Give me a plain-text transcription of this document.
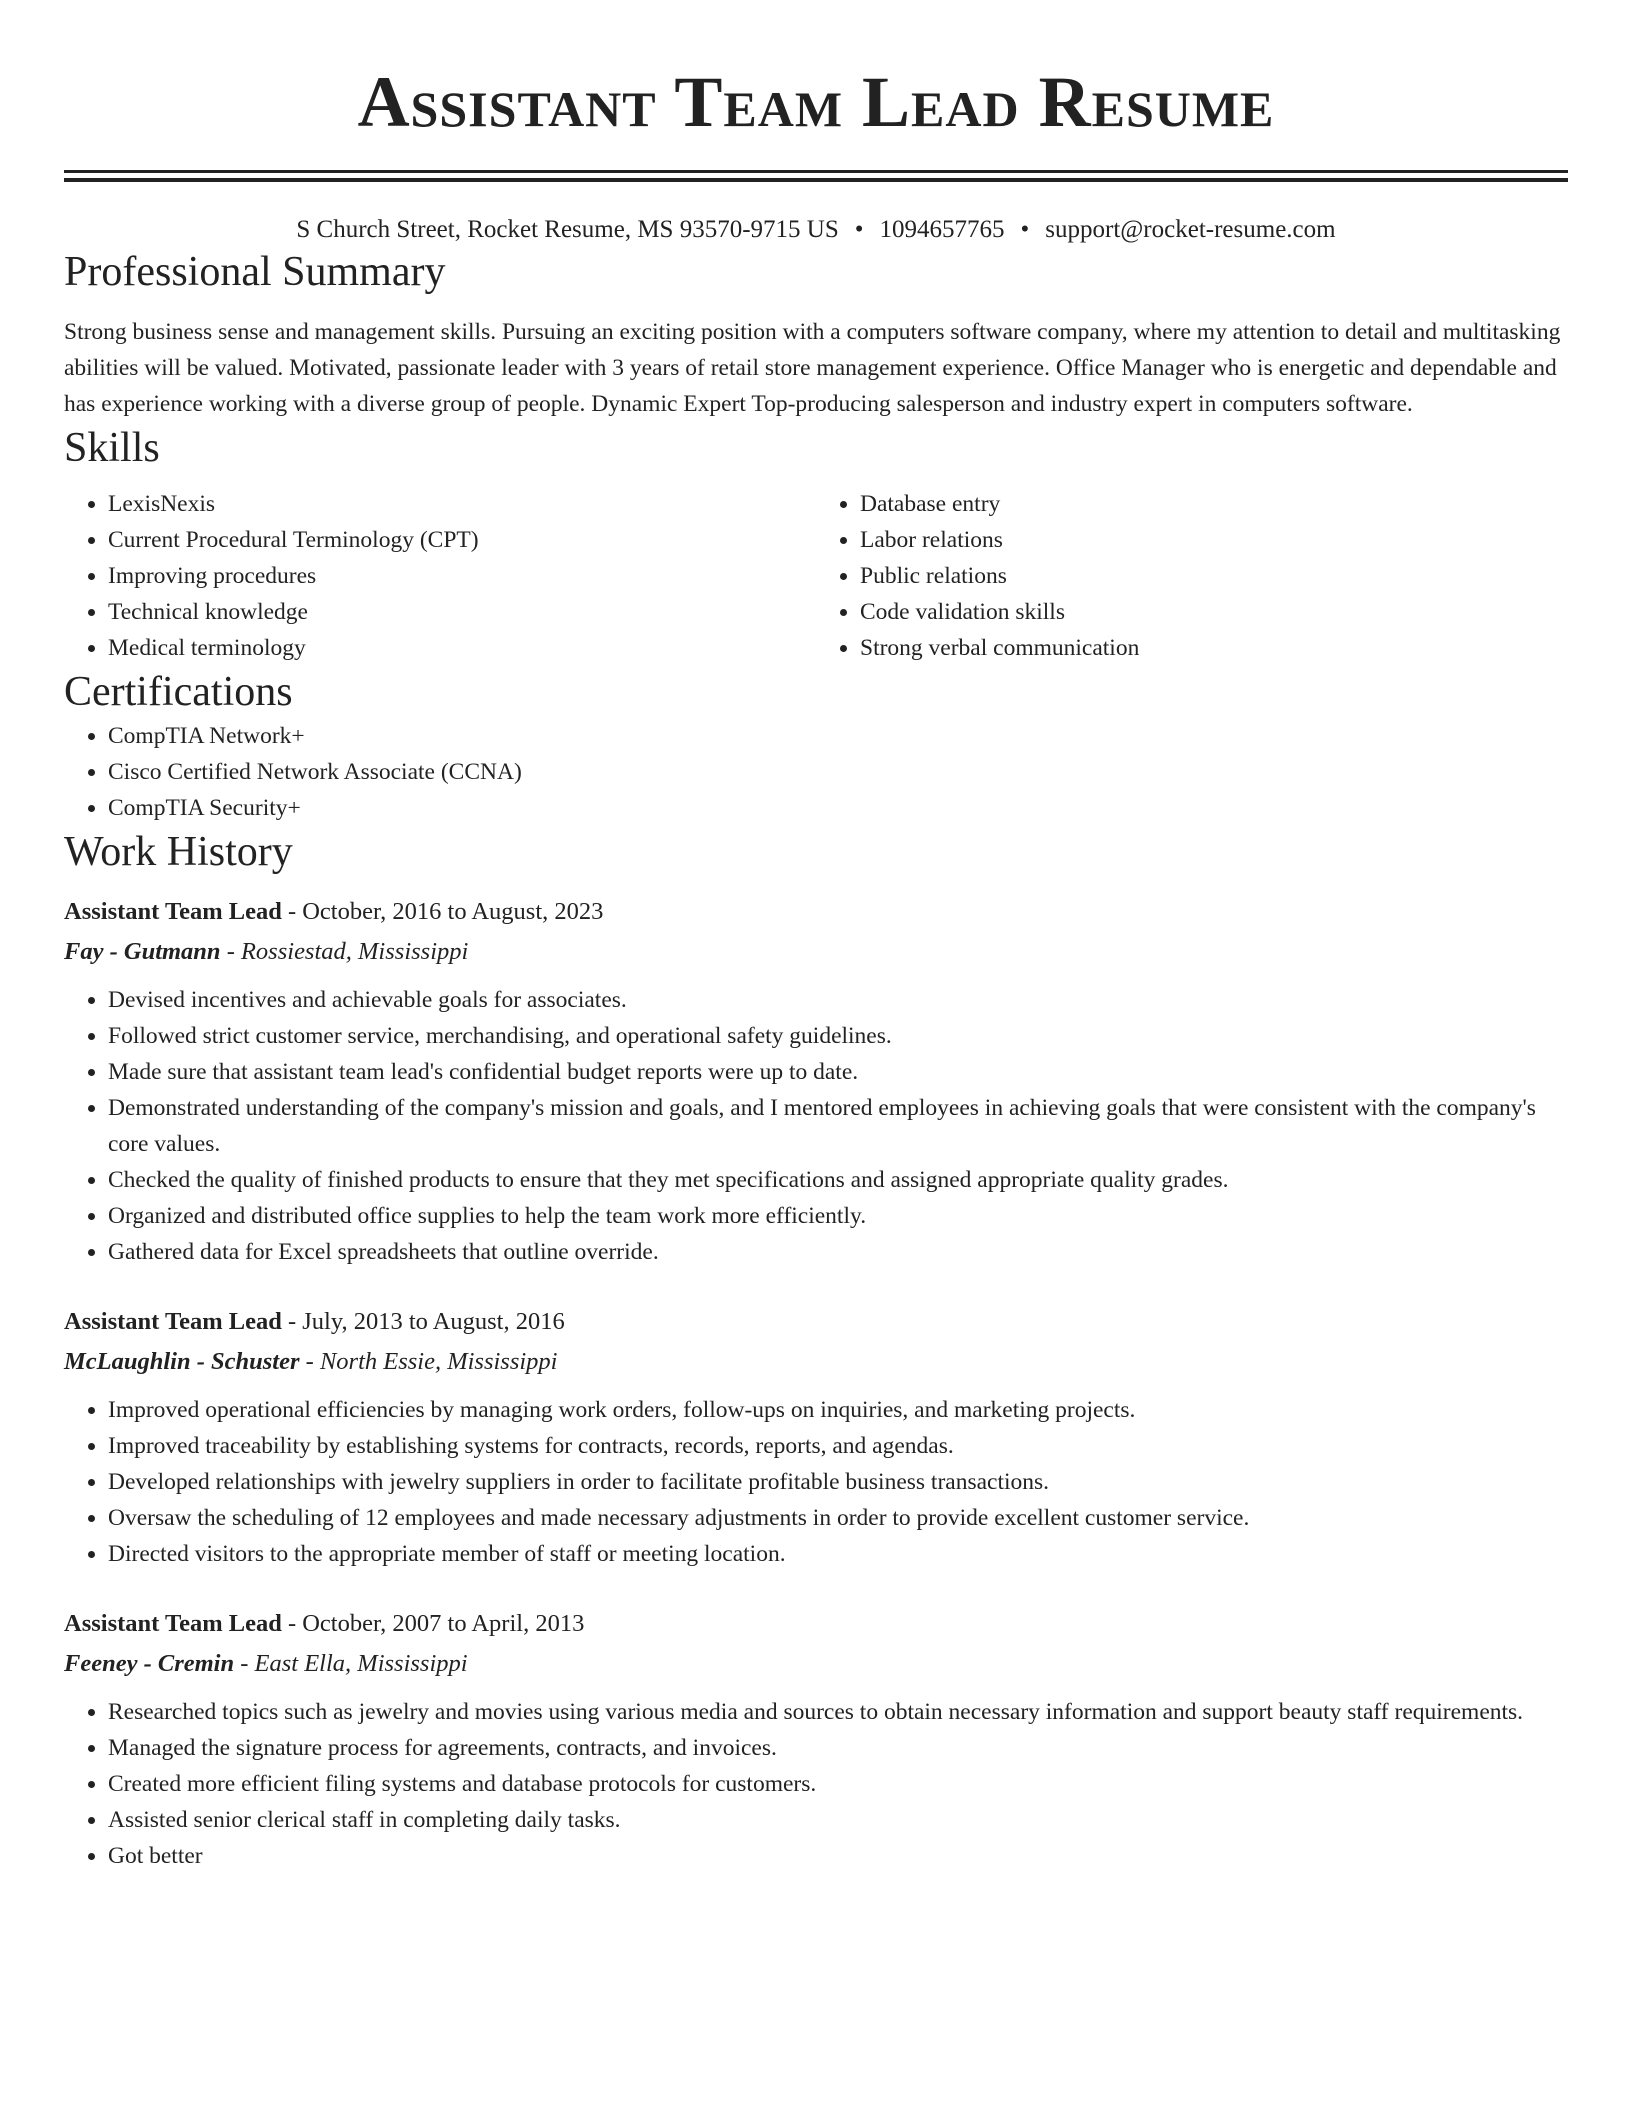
Assistant Team Lead Resume
S Church Street, Rocket Resume, MS 93570-9715 US • 1094657765 • support@rocket-resume.com
Professional Summary

Strong business sense and management skills. Pursuing an exciting position with a computers software company, where my attention to detail and multitasking abilities will be valued. Motivated, passionate leader with 3 years of retail store management experience. Office Manager who is energetic and dependable and has experience working with a diverse group of people. Dynamic Expert Top-producing salesperson and industry expert in computers software.

Skills
• LexisNexis
• Current Procedural Terminology (CPT)
• Improving procedures
• Technical knowledge
• Medical terminology
• Database entry
• Labor relations
• Public relations
• Code validation skills
• Strong verbal communication
Certifications
• CompTIA Network+
• Cisco Certified Network Associate (CCNA)
• CompTIA Security+
Work History
Assistant Team Lead - October, 2016 to August, 2023
Fay - Gutmann - Rossiestad, Mississippi
• Devised incentives and achievable goals for associates.
• Followed strict customer service, merchandising, and operational safety guidelines.
• Made sure that assistant team lead's confidential budget reports were up to date.
• Demonstrated understanding of the company's mission and goals, and I mentored employees in achieving goals that were consistent with the company's core values.
• Checked the quality of finished products to ensure that they met specifications and assigned appropriate quality grades.
• Organized and distributed office supplies to help the team work more efficiently.
• Gathered data for Excel spreadsheets that outline override.
Assistant Team Lead - July, 2013 to August, 2016
McLaughlin - Schuster - North Essie, Mississippi
• Improved operational efficiencies by managing work orders, follow-ups on inquiries, and marketing projects.
• Improved traceability by establishing systems for contracts, records, reports, and agendas.
• Developed relationships with jewelry suppliers in order to facilitate profitable business transactions.
• Oversaw the scheduling of 12 employees and made necessary adjustments in order to provide excellent customer service.
• Directed visitors to the appropriate member of staff or meeting location.
Assistant Team Lead - October, 2007 to April, 2013
Feeney - Cremin - East Ella, Mississippi
• Researched topics such as jewelry and movies using various media and sources to obtain necessary information and support beauty staff requirements.
• Managed the signature process for agreements, contracts, and invoices.
• Created more efficient filing systems and database protocols for customers.
• Assisted senior clerical staff in completing daily tasks.
• Got better
